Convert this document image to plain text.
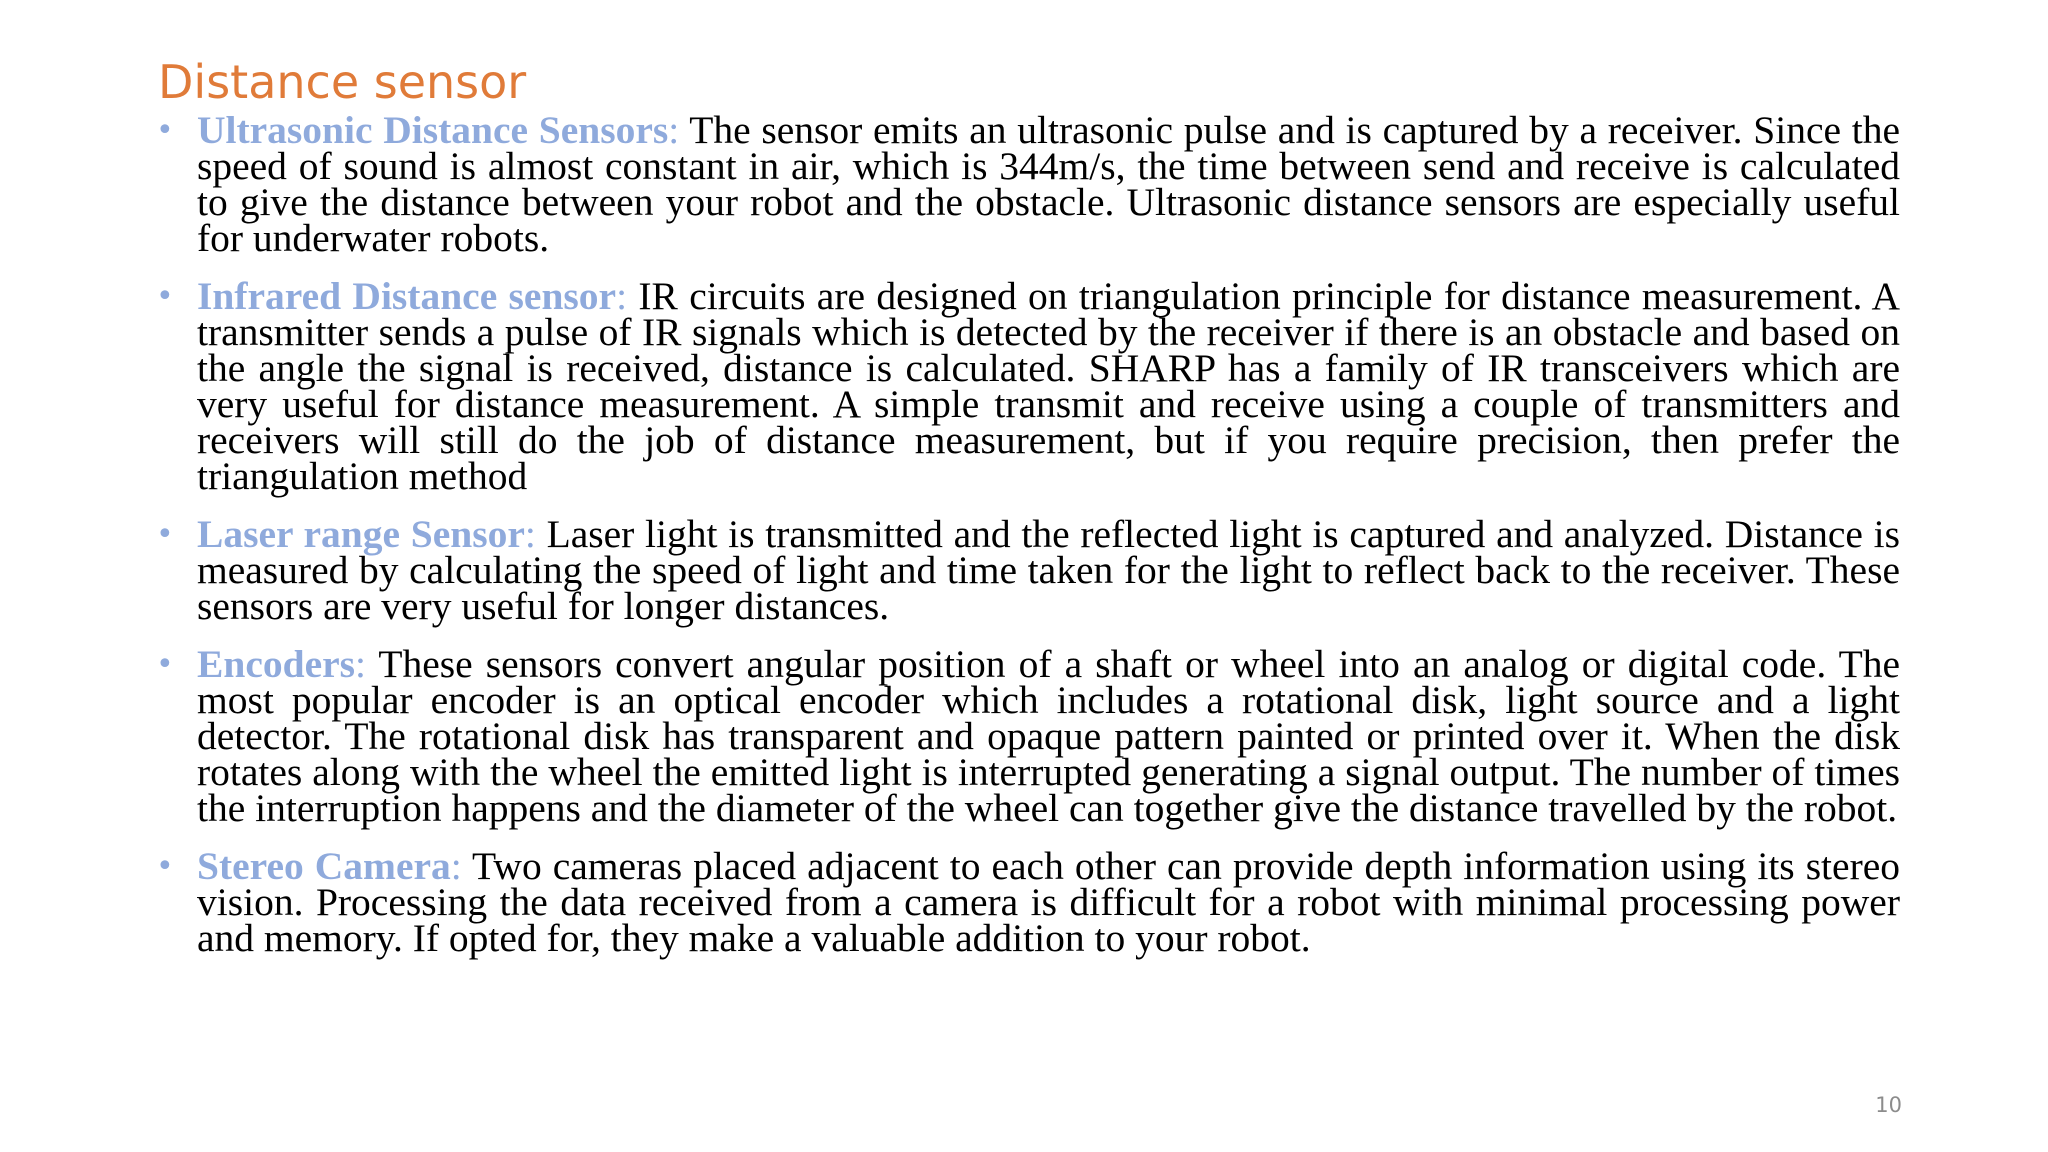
Distance sensor
• Ultrasonic Distance Sensors: The sensor emits an ultrasonic pulse and is captured by a receiver. Since the speed of sound is almost constant in air, which is 344m/s, the time between send and receive is calculated to give the distance between your robot and the obstacle. Ultrasonic distance sensors are especially useful for underwater robots.
• Infrared Distance sensor: IR circuits are designed on triangulation principle for distance measurement. A transmitter sends a pulse of IR signals which is detected by the receiver if there is an obstacle and based on the angle the signal is received, distance is calculated. SHARP has a family of IR transceivers which are very useful for distance measurement. A simple transmit and receive using a couple of transmitters and receivers will still do the job of distance measurement, but if you require precision, then prefer the triangulation method
• Laser range Sensor: Laser light is transmitted and the reflected light is captured and analyzed. Distance is measured by calculating the speed of light and time taken for the light to reflect back to the receiver. These sensors are very useful for longer distances.
• Encoders: These sensors convert angular position of a shaft or wheel into an analog or digital code. The most popular encoder is an optical encoder which includes a rotational disk, light source and a light detector. The rotational disk has transparent and opaque pattern painted or printed over it. When the disk rotates along with the wheel the emitted light is interrupted generating a signal output. The number of times the interruption happens and the diameter of the wheel can together give the distance travelled by the robot.
• Stereo Camera: Two cameras placed adjacent to each other can provide depth information using its stereo vision. Processing the data received from a camera is difficult for a robot with minimal processing power and memory. If opted for, they make a valuable addition to your robot.
10
